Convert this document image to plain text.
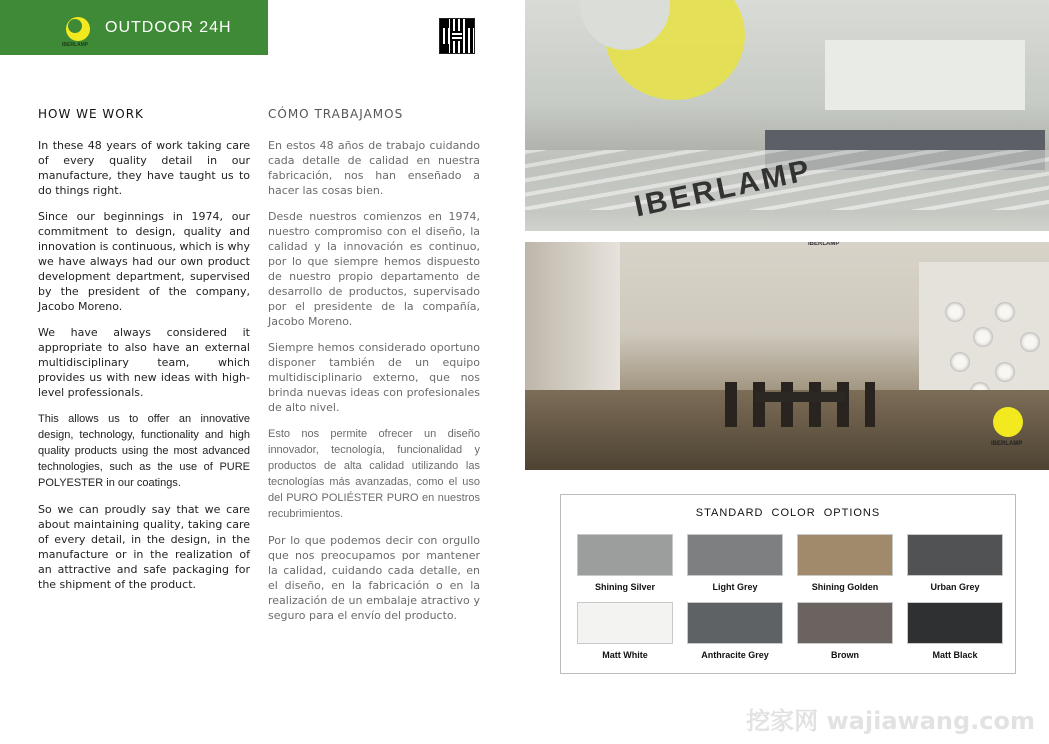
IBERLAMP
OUTDOOR 24H
HOW WE WORK

In these 48 years of work taking care of every quality detail in our manufacture, they have taught us to do things right.

Since our beginnings in 1974, our commitment to design, quality and innovation is continuous, which is why we have always had our own product development department, supervised by the president of the company, Jacobo Moreno.

We have always considered it appropriate to also have an external multidisciplinary team, which provides us with new ideas with high-level professionals.

This allows us to offer an innovative design, technology, functionality and high quality products using the most advanced technologies, such as the use of PURE POLYESTER in our coatings.

So we can proudly say that we care about maintaining quality, taking care of every detail, in the design, in the manufacture or in the realization of an attractive and safe packaging for the shipment of the product.

CÓMO TRABAJAMOS

En estos 48 años de trabajo cuidando cada detalle de calidad en nuestra fabricación, nos han enseñado a hacer las cosas bien.

Desde nuestros comienzos en 1974, nuestro compromiso con el diseño, la calidad y la innovación es continuo, por lo que siempre hemos dispuesto de nuestro propio departamento de desarrollo de productos, supervisado por el presidente de la compañía, Jacobo Moreno.

Siempre hemos considerado oportuno disponer también de un equipo multidisciplinario externo, que nos brinda nuevas ideas con profesionales de alto nivel.

Esto nos permite ofrecer un diseño innovador, tecnología, funcionalidad y productos de alta calidad utilizando las tecnologías más avanzadas, como el uso del PURO POLIÉSTER PURO en nuestros recubrimientos.

Por lo que podemos decir con orgullo que nos preocupamos por mantener la calidad, cuidando cada detalle, en el diseño, en la fabricación o en la realización de un embalaje atractivo y seguro para el envío del producto.

IBERLAMP
IBERLAMP
IBERLAMP
STANDARD COLOR OPTIONS
Shining Silver	Light Grey	Shining Golden	Urban Grey
Matt White	Anthracite Grey	Brown	Matt Black
挖家网 wajiawang.com
